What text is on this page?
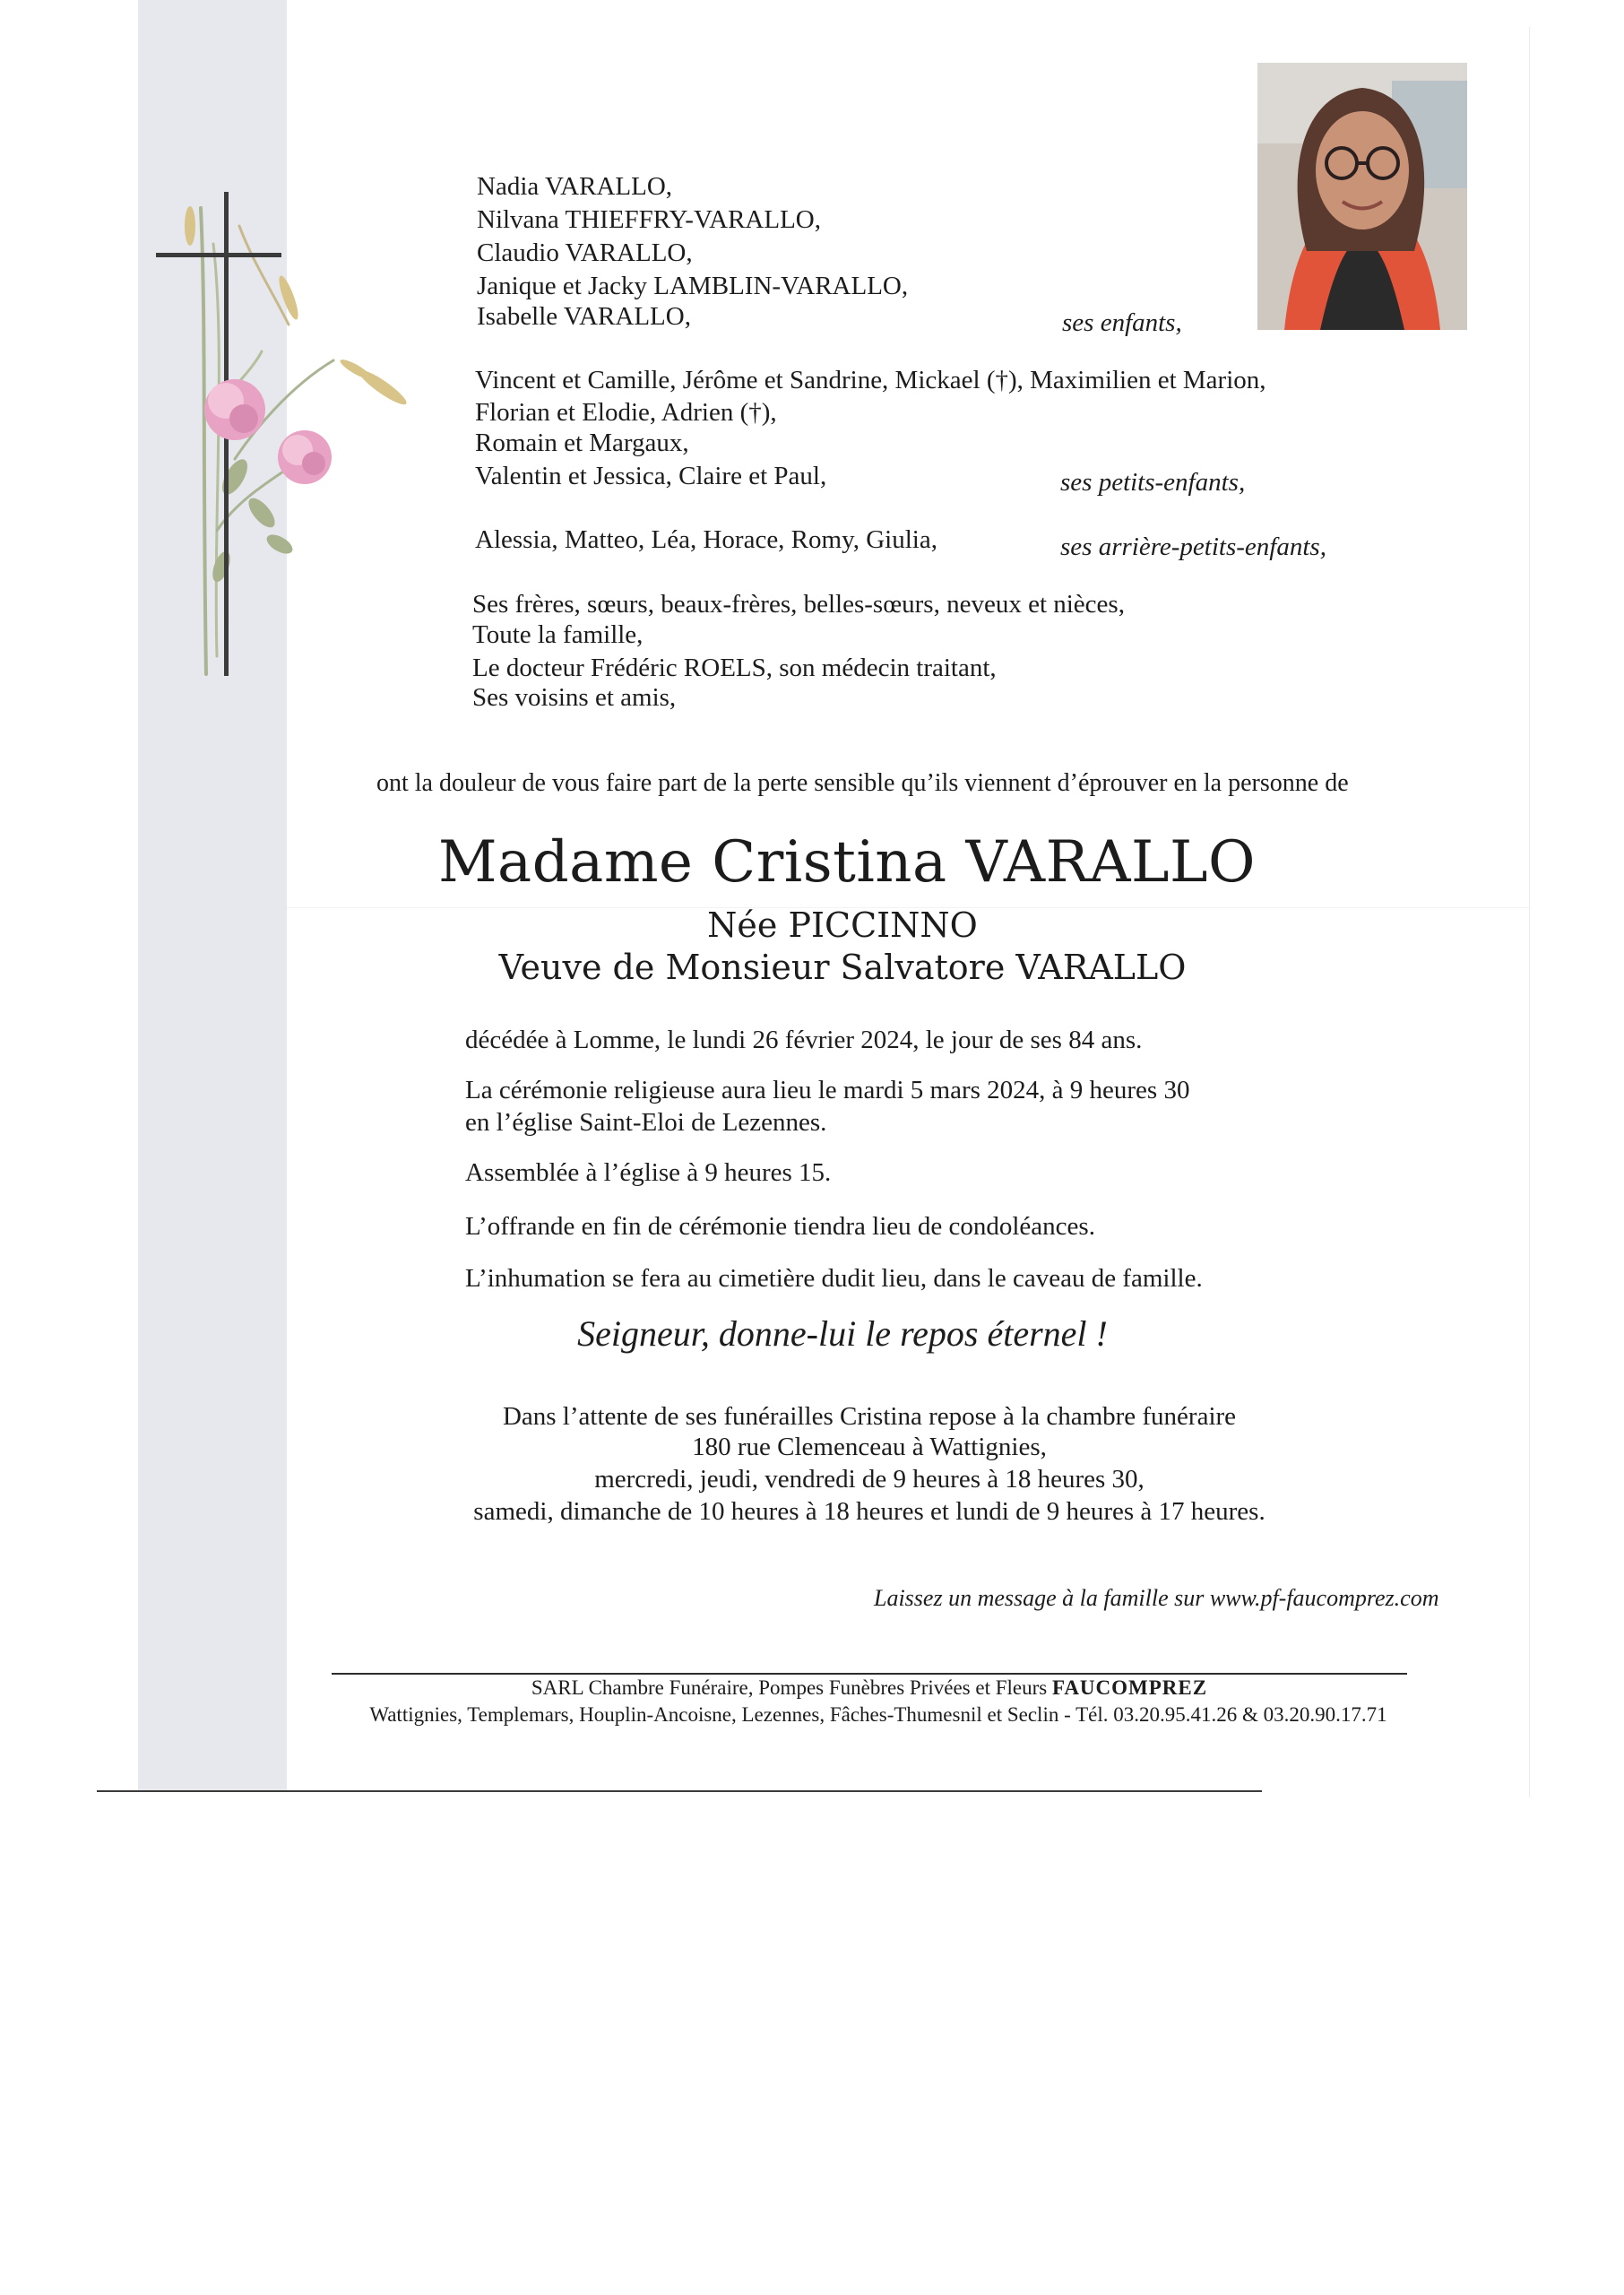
Nadia VARALLO,
Nilvana THIEFFRY-VARALLO,
Claudio VARALLO,
Janique et Jacky LAMBLIN-VARALLO,
Isabelle VARALLO,	ses enfants,
Vincent et Camille, Jérôme et Sandrine, Mickael (†), Maximilien et Marion,
Florian et Elodie, Adrien (†),
Romain et Margaux,
Valentin et Jessica, Claire et Paul,	ses petits-enfants,
Alessia, Matteo, Léa, Horace, Romy, Giulia,	ses arrière-petits-enfants,
Ses frères, sœurs, beaux-frères, belles-sœurs, neveux et nièces,
Toute la famille,
Le docteur Frédéric ROELS, son médecin traitant,
Ses voisins et amis,
ont la douleur de vous faire part de la perte sensible qu’ils viennent d’éprouver en la personne de
Madame Cristina VARALLO
Née PICCINNO
Veuve de Monsieur Salvatore VARALLO
décédée à Lomme, le lundi 26 février 2024, le jour de ses 84 ans.
La cérémonie religieuse aura lieu le mardi 5 mars 2024, à 9 heures 30
en l’église Saint-Eloi de Lezennes.
Assemblée à l’église à 9 heures 15.
L’offrande en fin de cérémonie tiendra lieu de condoléances.
L’inhumation se fera au cimetière dudit lieu, dans le caveau de famille.
Seigneur, donne-lui le repos éternel !
Dans l’attente de ses funérailles Cristina repose à la chambre funéraire
180 rue Clemenceau à Wattignies,
mercredi, jeudi, vendredi de 9 heures à 18 heures 30,
samedi, dimanche de 10 heures à 18 heures et lundi de 9 heures à 17 heures.
Laissez un message à la famille sur www.pf-faucomprez.com
SARL Chambre Funéraire, Pompes Funèbres Privées et Fleurs FAUCOMPREZ
Wattignies, Templemars, Houplin-Ancoisne, Lezennes, Fâches-Thumesnil et Seclin - Tél. 03.20.95.41.26 & 03.20.90.17.71
